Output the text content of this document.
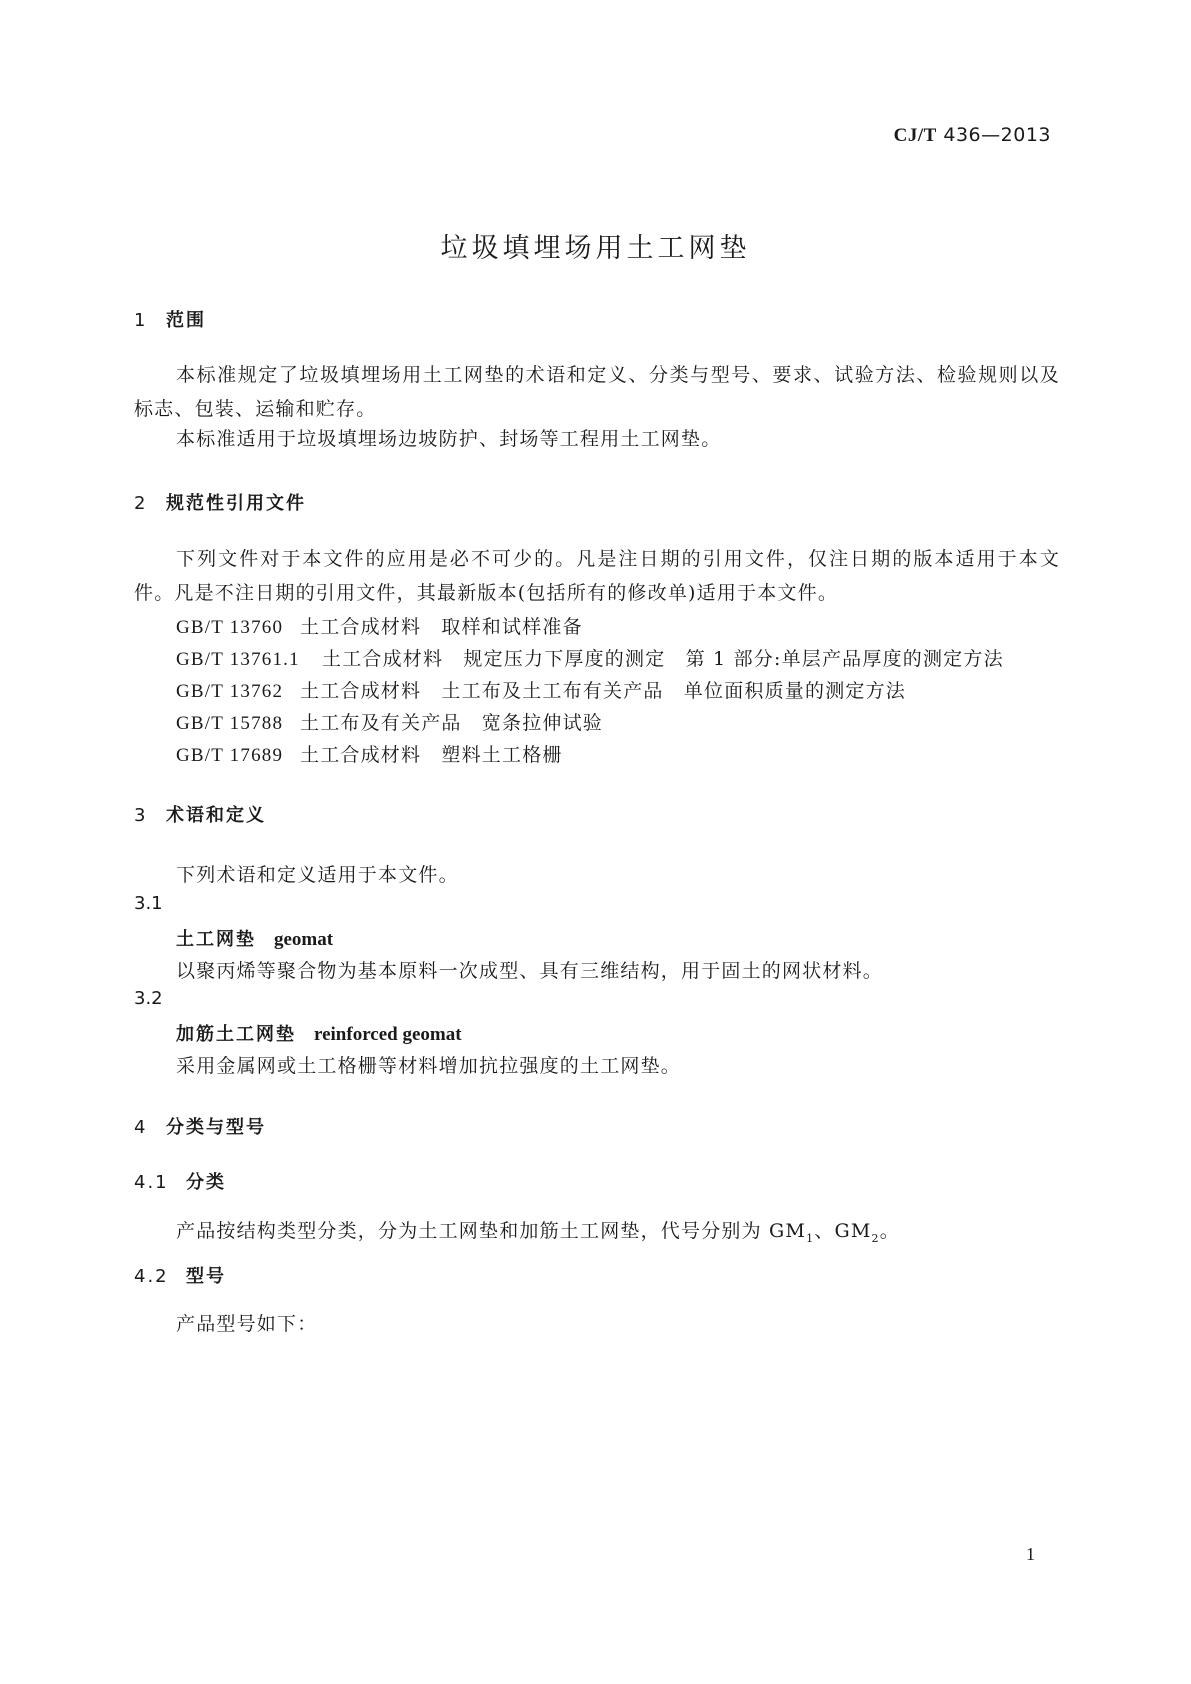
CJ/T 436—2013
垃圾填埋场用土工网垫
1 范围
本标准规定了垃圾填埋场用土工网垫的术语和定义、分类与型号、要求、试验方法、检验规则以及标志、包装、运输和贮存。
本标准适用于垃圾填埋场边坡防护、封场等工程用土工网垫。
2 规范性引用文件
下列文件对于本文件的应用是必不可少的。凡是注日期的引用文件，仅注日期的版本适用于本文件。凡是不注日期的引用文件，其最新版本(包括所有的修改单)适用于本文件。
GB/T 13760 土工合成材料　取样和试样准备
GB/T 13761.1 土工合成材料　规定压力下厚度的测定　第 1 部分:单层产品厚度的测定方法
GB/T 13762 土工合成材料　土工布及土工布有关产品　单位面积质量的测定方法
GB/T 15788 土工布及有关产品　宽条拉伸试验
GB/T 17689 土工合成材料　塑料土工格栅
3 术语和定义
下列术语和定义适用于本文件。
3.1
土工网垫 geomat
以聚丙烯等聚合物为基本原料一次成型、具有三维结构，用于固土的网状材料。
3.2
加筋土工网垫 reinforced geomat
采用金属网或土工格栅等材料增加抗拉强度的土工网垫。
4 分类与型号
4.1 分类
产品按结构类型分类，分为土工网垫和加筋土工网垫，代号分别为 $GM_1$、$GM_2$。
4.2 型号
产品型号如下：
1
